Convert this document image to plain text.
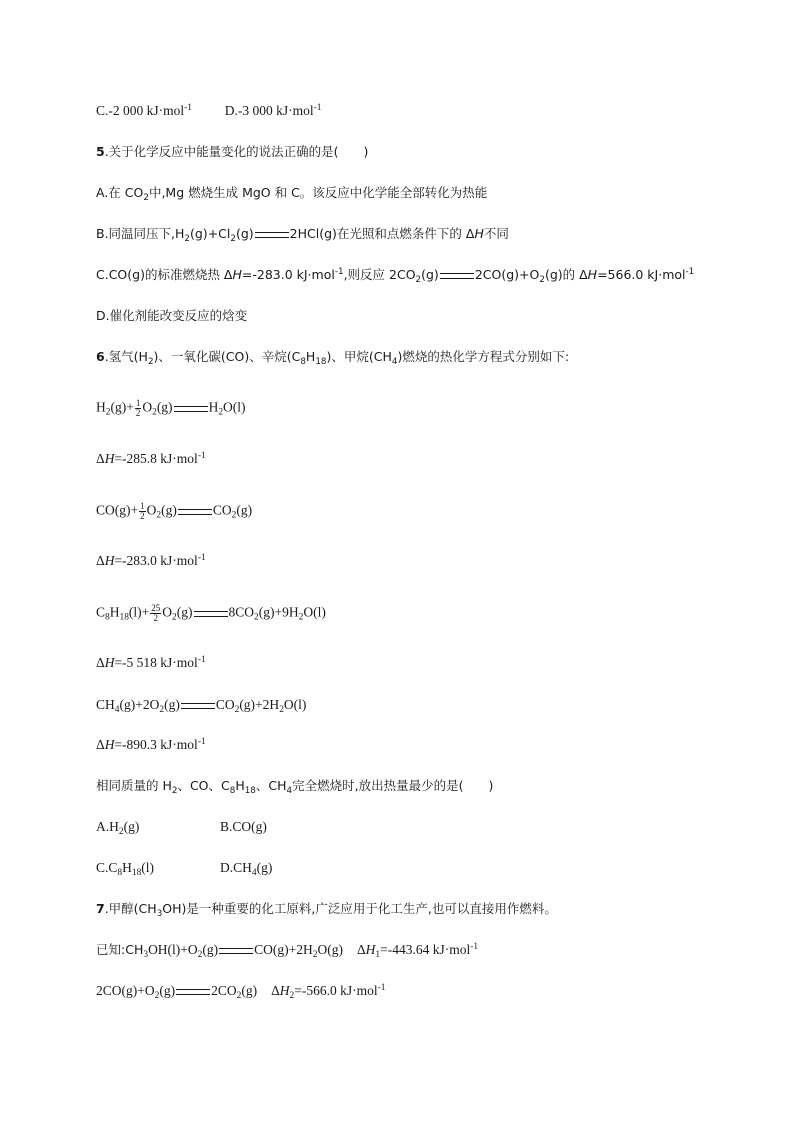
C.-2 000 kJ·mol$^{-1}$ D.-3 000 kJ·mol$^{-1}$
5.关于化学反应中能量变化的说法正确的是(　　)
A.在 $CO_2$中,Mg 燃烧生成 MgO 和 C。该反应中化学能全部转化为热能
B.同温同压下$,H_2(g)+Cl_2(g)$	2HCl(g)在光照和点燃条件下的 ΔH不同
C.CO(g)的标准燃烧热 ΔH=-283.0 kJ·mol$^{-1}$,则反应 $2CO_2(g)$	$2CO(g)+O_2(g)$的 ΔH=566.0 kJ·mol$^{-1}$
D.催化剂能改变反应的焓变
6.氢气$(H_2)$、一氧化碳(CO)、辛烷$(C_8H_{18})$、甲烷$(CH_4)$燃烧的热化学方程式分别如下:
$H_2(g)+ \frac{1}{2} O_2(g)$	$H_2O(l)$
ΔH=-285.8 kJ·mol$^{-1}$
$CO(g)+ \frac{1}{2} O_2(g)$	$CO_2(g)$
ΔH=-283.0 kJ·mol$^{-1}$
$C_8H_{18}(l)+ \frac{25}{2} O_2(g)$	$8CO_2(g)+9H_2O(l)$
ΔH=-5 518 kJ·mol$^{-1}$
$CH_4(g)+2O_2(g)$	$CO_2(g)+2H_2O(l)$
ΔH=-890.3 kJ·mol$^{-1}$
相同质量的 $H_2$、CO、$C_8H_{18}$、$CH_4$完全燃烧时,放出热量最少的是(　　)
$A.H_2(g)$	B.CO(g)
$C.C_8H_{18}(l)$	$D.CH_4(g)$
7.甲醇$(CH_3OH)$是一种重要的化工原料,广泛应用于化工生产,也可以直接用作燃料。
已知$:CH_3OH(l)+O_2(g)$	$CO(g)+2H_2O(g)$ $\Delta H_1=-443.64$ kJ·mol$^{-1}$
$2CO(g)+O_2(g)$	$2CO_2(g)$ $\Delta H_2=-566.0$ kJ·mol$^{-1}$
